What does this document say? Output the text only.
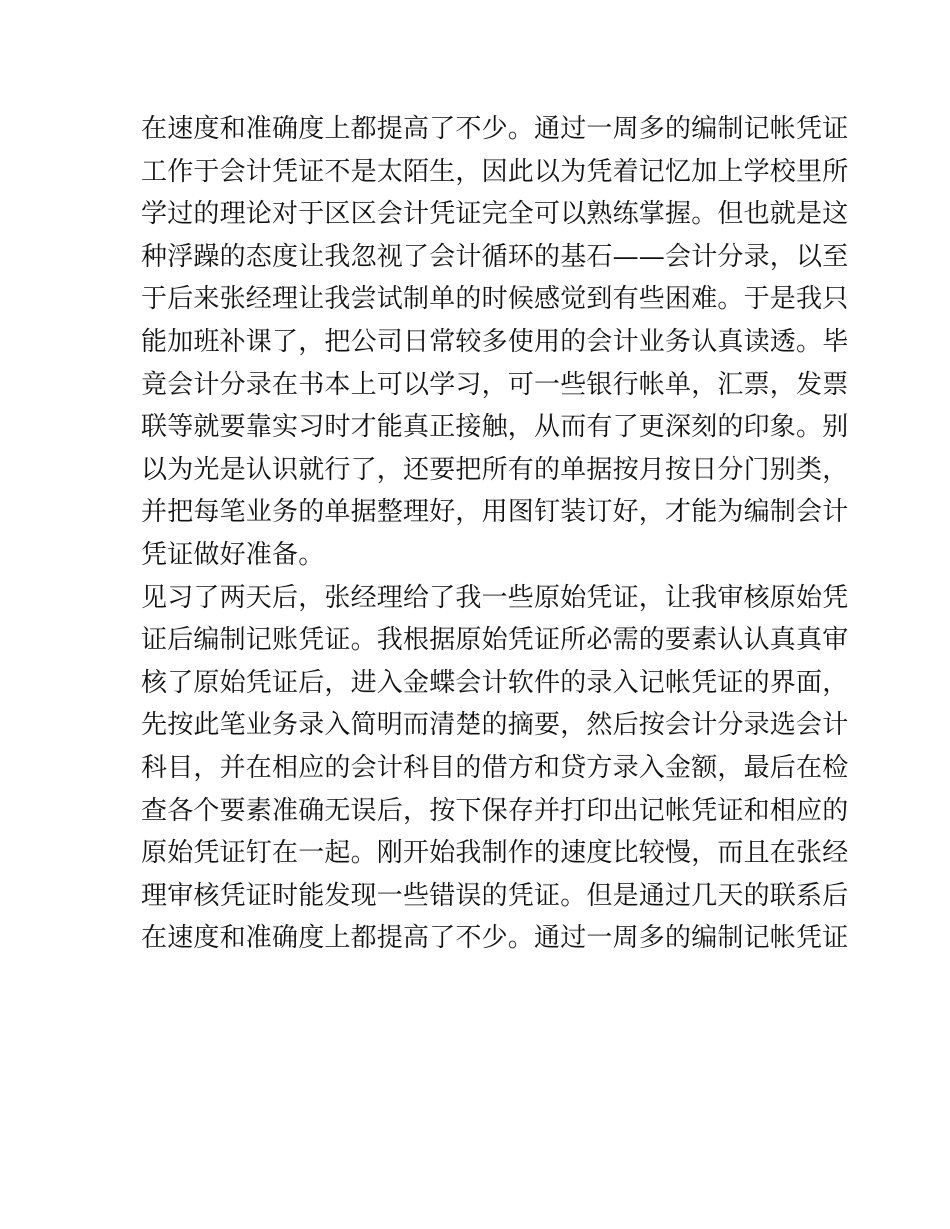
在速度和准确度上都提高了不少。通过一周多的编制记帐凭证
工作于会计凭证不是太陌生，因此以为凭着记忆加上学校里所
学过的理论对于区区会计凭证完全可以熟练掌握。但也就是这
种浮躁的态度让我忽视了会计循环的基石——会计分录，以至
于后来张经理让我尝试制单的时候感觉到有些困难。于是我只
能加班补课了，把公司日常较多使用的会计业务认真读透。毕
竟会计分录在书本上可以学习，可一些银行帐单，汇票，发票
联等就要靠实习时才能真正接触，从而有了更深刻的印象。别
以为光是认识就行了，还要把所有的单据按月按日分门别类，
并把每笔业务的单据整理好，用图钉装订好，才能为编制会计
凭证做好准备。
见习了两天后，张经理给了我一些原始凭证，让我审核原始凭
证后编制记账凭证。我根据原始凭证所必需的要素认认真真审
核了原始凭证后，进入金蝶会计软件的录入记帐凭证的界面，
先按此笔业务录入简明而清楚的摘要，然后按会计分录选会计
科目，并在相应的会计科目的借方和贷方录入金额，最后在检
查各个要素准确无误后，按下保存并打印出记帐凭证和相应的
原始凭证钉在一起。刚开始我制作的速度比较慢，而且在张经
理审核凭证时能发现一些错误的凭证。但是通过几天的联系后
在速度和准确度上都提高了不少。通过一周多的编制记帐凭证
